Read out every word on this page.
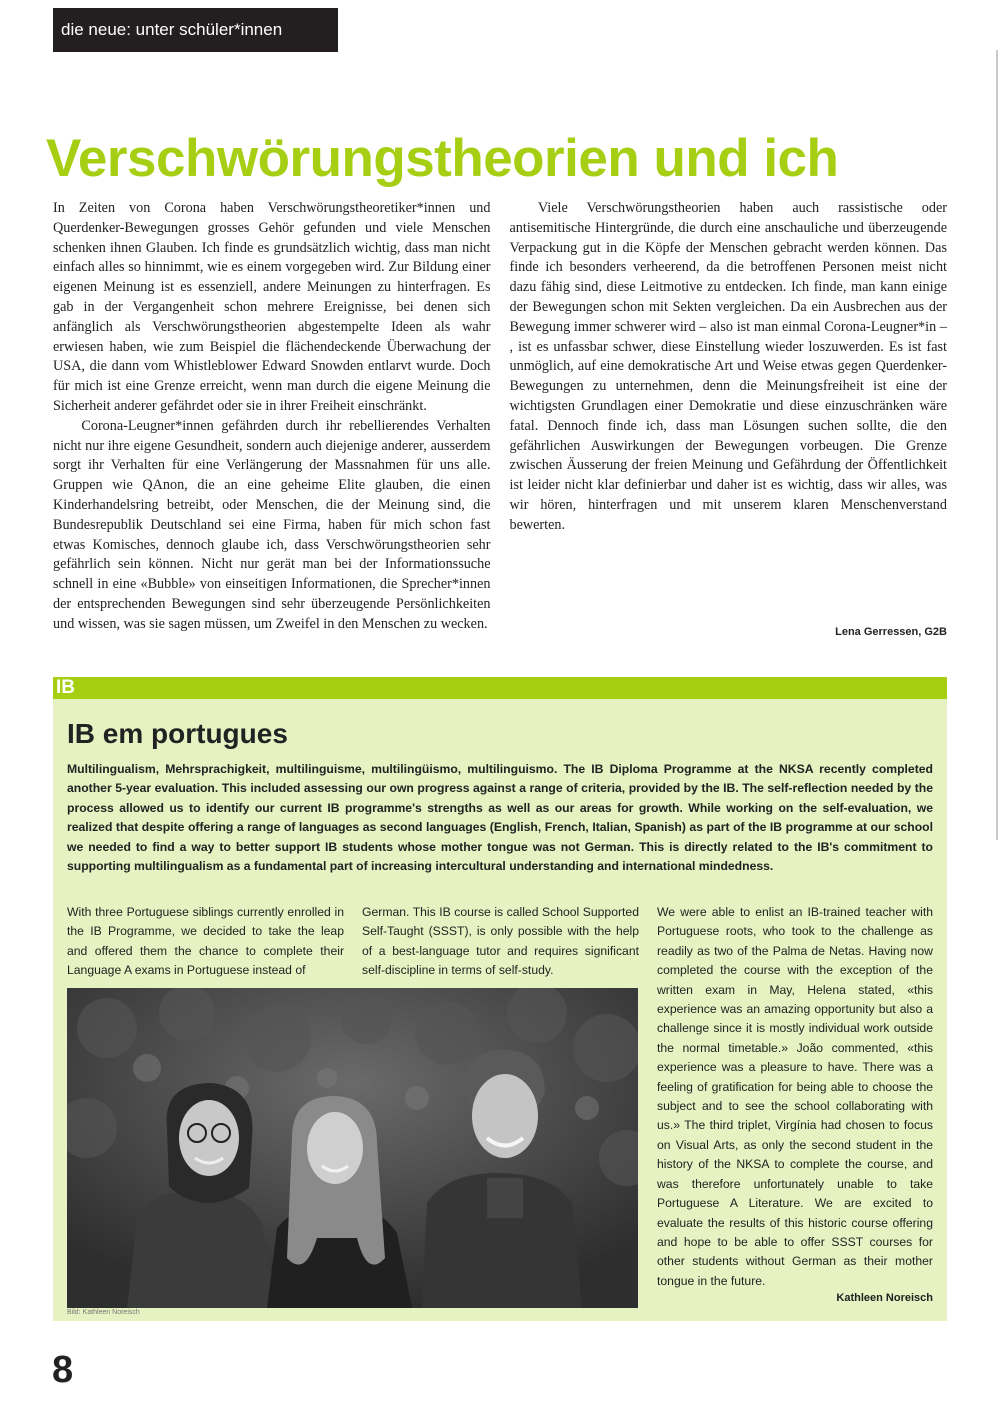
die neue: unter schüler*innen
Verschwörungstheorien und ich

In Zeiten von Corona haben Verschwörungstheoretiker*innen und Querdenker-Bewegungen grosses Gehör gefunden und viele Menschen schenken ihnen Glauben. Ich finde es grundsätzlich wichtig, dass man nicht einfach alles so hinnimmt, wie es einem vorgegeben wird. Zur Bildung einer eigenen Meinung ist es essenziell, andere Meinungen zu hinterfragen. Es gab in der Vergangenheit schon mehrere Ereignisse, bei denen sich anfänglich als Verschwörungstheorien abgestempelte Ideen als wahr erwiesen haben, wie zum Beispiel die flächendeckende Überwachung der USA, die dann vom Whistleblower Edward Snowden entlarvt wurde. Doch für mich ist eine Grenze erreicht, wenn man durch die eigene Meinung die Sicherheit anderer gefährdet oder sie in ihrer Freiheit einschränkt.

Corona-Leugner*innen gefährden durch ihr rebellierendes Verhalten nicht nur ihre eigene Gesundheit, sondern auch diejenige anderer, ausserdem sorgt ihr Verhalten für eine Verlängerung der Massnahmen für uns alle. Gruppen wie QAnon, die an eine geheime Elite glauben, die einen Kinderhandelsring betreibt, oder Menschen, die der Meinung sind, die Bundesrepublik Deutschland sei eine Firma, haben für mich schon fast etwas Komisches, dennoch glaube ich, dass Verschwörungstheorien sehr gefährlich sein können. Nicht nur gerät man bei der Informationssuche schnell in eine «Bubble» von einseitigen Informationen, die Sprecher*innen der entsprechenden Bewegungen sind sehr überzeugende Persönlichkeiten und wissen, was sie sagen müssen, um Zweifel in den Menschen zu wecken.

Viele Verschwörungstheorien haben auch rassistische oder antisemitische Hintergründe, die durch eine anschauliche und überzeugende Verpackung gut in die Köpfe der Menschen gebracht werden können. Das finde ich besonders verheerend, da die betroffenen Personen meist nicht dazu fähig sind, diese Leitmotive zu entdecken. Ich finde, man kann einige der Bewegungen schon mit Sekten vergleichen. Da ein Ausbrechen aus der Bewegung immer schwerer wird – also ist man einmal Corona-Leugner*in – , ist es unfassbar schwer, diese Einstellung wieder loszuwerden. Es ist fast unmöglich, auf eine demokratische Art und Weise etwas gegen Querdenker-Bewegungen zu unternehmen, denn die Meinungsfreiheit ist eine der wichtigsten Grundlagen einer Demokratie und diese einzuschränken wäre fatal. Dennoch finde ich, dass man Lösungen suchen sollte, die den gefährlichen Auswirkungen der Bewegungen vorbeugen. Die Grenze zwischen Äusserung der freien Meinung und Gefährdung der Öffentlichkeit ist leider nicht klar definierbar und daher ist es wichtig, dass wir alles, was wir hören, hinterfragen und mit unserem klaren Menschenverstand bewerten.

Lena Gerressen, G2B
IB
IB em portugues

Multilingualism, Mehrsprachigkeit, multilinguisme, multilingüismo, multilinguismo. The IB Diploma Programme at the NKSA recently completed another 5-year evaluation. This included assessing our own progress against a range of criteria, provided by the IB. The self-reflection needed by the process allowed us to identify our current IB programme's strengths as well as our areas for growth. While working on the self-evaluation, we realized that despite offering a range of languages as second languages (English, French, Italian, Spanish) as part of the IB programme at our school we needed to find a way to better support IB students whose mother tongue was not German. This is directly related to the IB's commitment to supporting multilingualism as a fundamental part of increasing intercultural understanding and international mindedness.

With three Portuguese siblings currently enrolled in the IB Programme, we decided to take the leap and offered them the chance to complete their Language A exams in Portuguese instead of

German. This IB course is called School Supported Self-Taught (SSST), is only possible with the help of a best-language tutor and requires significant self-discipline in terms of self-study.

We were able to enlist an IB-trained teacher with Portuguese roots, who took to the challenge as readily as two of the Palma de Netas. Having now completed the course with the exception of the written exam in May, Helena stated, «this experience was an amazing opportunity but also a challenge since it is mostly individual work outside the normal timetable.» João commented, «this experience was a pleasure to have. There was a feeling of gratification for being able to choose the subject and to see the school collaborating with us.» The third triplet, Virgínia had chosen to focus on Visual Arts, as only the second student in the history of the NKSA to complete the course, and was therefore unfortunately unable to take Portuguese A Literature. We are excited to evaluate the results of this historic course offering and hope to be able to offer SSST courses for other students without German as their mother tongue in the future.

Kathleen Noreisch
Bild: Kathleen Noreisch
8
